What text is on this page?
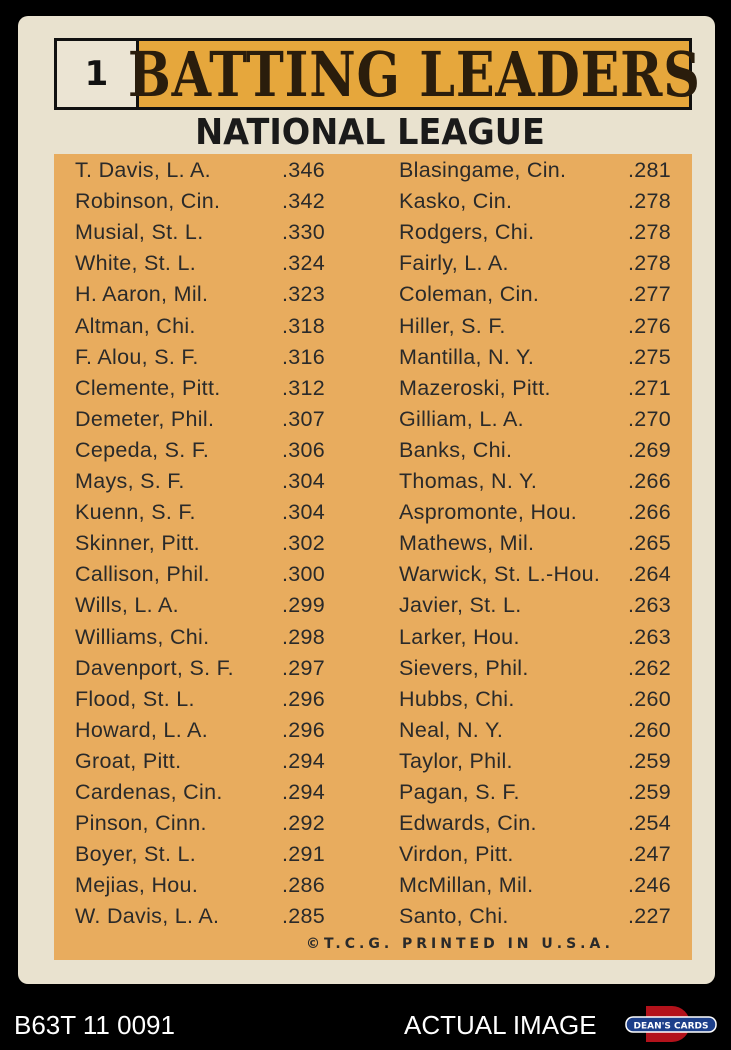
1 BATTING LEADERS
NATIONAL LEAGUE
T. Davis, L. A.	.346
Robinson, Cin.	.342
Musial, St. L.	.330
White, St. L.	.324
H. Aaron, Mil.	.323
Altman, Chi.	.318
F. Alou, S. F.	.316
Clemente, Pitt.	.312
Demeter, Phil.	.307
Cepeda, S. F.	.306
Mays, S. F.	.304
Kuenn, S. F.	.304
Skinner, Pitt.	.302
Callison, Phil.	.300
Wills, L. A.	.299
Williams, Chi.	.298
Davenport, S. F. .297
Flood, St. L.	.296
Howard, L. A.	.296
Groat, Pitt.	.294
Cardenas, Cin.	.294
Pinson, Cinn.	.292
Boyer, St. L.	.291
Mejias, Hou.	.286
W. Davis, L. A.	.285
Blasingame, Cin.	.281
Kasko, Cin.	.278
Rodgers, Chi.	.278
Fairly, L. A.	.278
Coleman, Cin.	.277
Hiller, S. F.	.276
Mantilla, N. Y.	.275
Mazeroski, Pitt.	.271
Gilliam, L. A.	.270
Banks, Chi.	.269
Thomas, N. Y.	.266
Aspromonte, Hou. .266
Mathews, Mil.	.265
Warwick, St. L.-Hou. .264
Javier, St. L.	.263
Larker, Hou.	.263
Sievers, Phil.	.262
Hubbs, Chi.	.260
Neal, N. Y.	.260
Taylor, Phil.	.259
Pagan, S. F.	.259
Edwards, Cin.	.254
Virdon, Pitt.	.247
McMillan, Mil.	.246
Santo, Chi.	.227
©T.C.G. PRINTED IN U.S.A.
B63T 11 0091	ACTUAL IMAGE	DEAN'S CARDS
